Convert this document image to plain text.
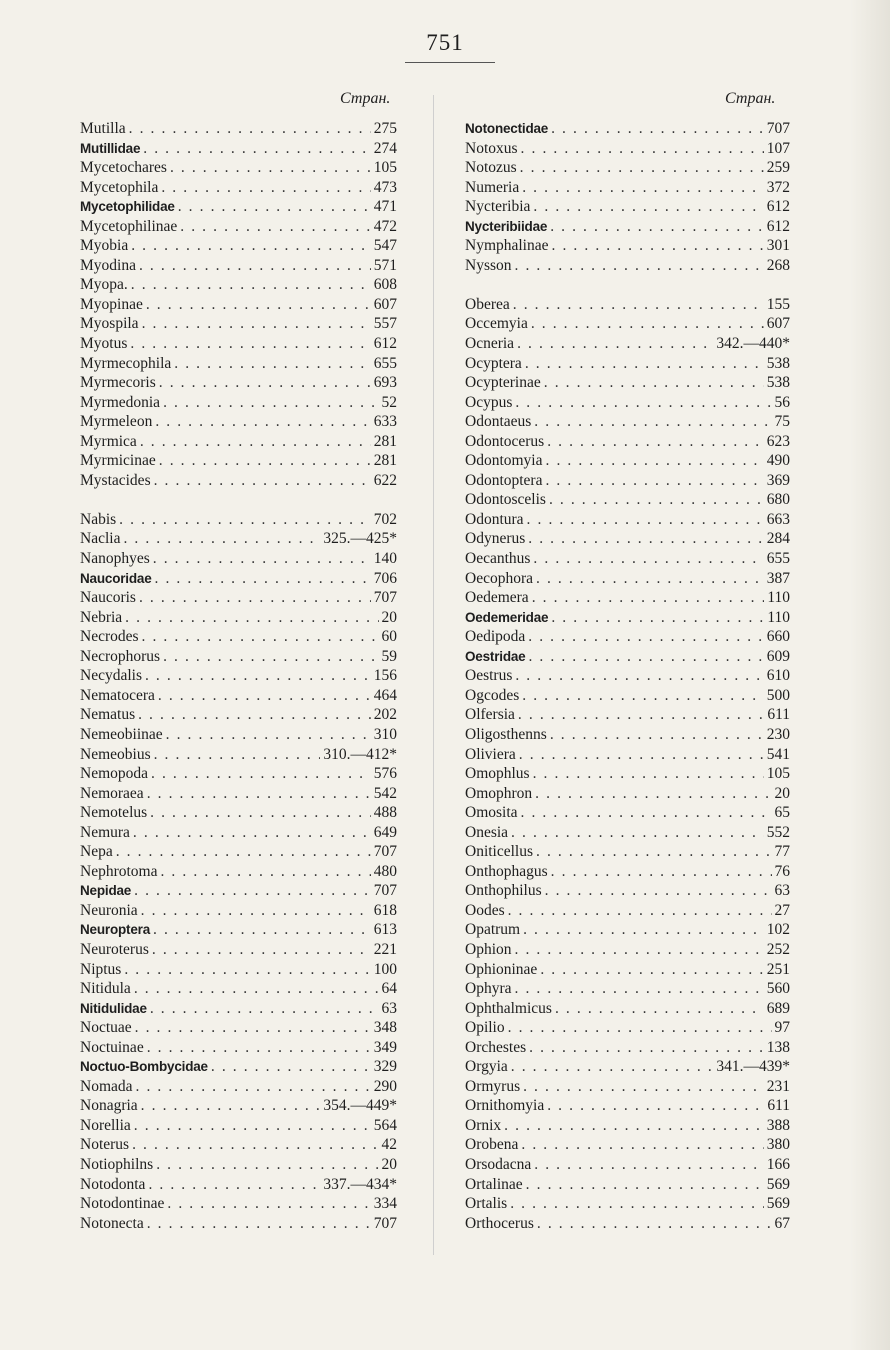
751
Стран.	Стран.
Mutilla . . .	275
Mutillidae . . .	274
Mycetochares . . .	105
Mycetophila . . .	473
Mycetophilidae . . .	471
Mycetophilinae . . .	472
Myobia . . .	547
Myodina . . .	571
Myopa. . . .	608
Myopinae . . .	607
Myospila . . .	557
Myotus . . .	612
Myrmecophila . . .	655
Myrmecoris . . .	693
Myrmedonia . . .	52
Myrmeleon . . .	633
Myrmica . . .	281
Myrmicinae . . .	281
Mystacides . . .	622
Nabis . . .	702
Naclia . . .	325.—425*
Nanophyes . . .	140
Naucoridae . . .	706
Naucoris . . .	707
Nebria . . .	20
Necrodes . . .	60
Necrophorus . . .	59
Necydalis . . .	156
Nematocera . . .	464
Nematus . . .	202
Nemeobiinae . . .	310
Nemeobius . . .	310.—412*
Nemopoda . . .	576
Nemoraea . . .	542
Nemotelus . . .	488
Nemura . . .	649
Nepa . . .	707
Nephrotoma . . .	480
Nepidae . . .	707
Neuronia . . .	618
Neuroptera . . .	613
Neuroterus . . .	221
Niptus . . .	100
Nitidula . . .	64
Nitidulidae . . .	63
Noctuae . . .	348
Noctuinae . . .	349
Noctuo-Bombycidae . . .	329
Nomada . . .	290
Nonagria . . .	354.—449*
Norellia . . .	564
Noterus . . .	42
Notiophilns . . .	20
Notodonta . . .	337.—434*
Notodontinae . . .	334
Notonecta . . .	707
Notonectidae . . .	707
Notoxus . . .	107
Notozus . . .	259
Numeria . . .	372
Nycteribia . . .	612
Nycteribiidae . . .	612
Nymphalinae . . .	301
Nysson . . .	268
Oberea . . .	155
Occemyia . . .	607
Ocneria . . .	342.—440*
Ocyptera . . .	538
Ocypterinae . . .	538
Ocypus . . .	56
Odontaeus . . .	75
Odontocerus . . .	623
Odontomyia . . .	490
Odontoptera . . .	369
Odontoscelis . . .	680
Odontura . . .	663
Odynerus . . .	284
Oecanthus . . .	655
Oecophora . . .	387
Oedemera . . .	110
Oedemeridae . . .	110
Oedipoda . . .	660
Oestridae . . .	609
Oestrus . . .	610
Ogcodes . . .	500
Olfersia . . .	611
Oligosthenns . . .	230
Oliviera . . .	541
Omophlus . . .	105
Omophron . . .	20
Omosita . . .	65
Onesia . . .	552
Oniticellus . . .	77
Onthophagus . . .	76
Onthophilus . . .	63
Oodes . . .	27
Opatrum . . .	102
Ophion . . .	252
Ophioninae . . .	251
Ophyra . . .	560
Ophthalmicus . . .	689
Opilio . . .	97
Orchestes . . .	138
Orgyia . . .	341.—439*
Ormyrus . . .	231
Ornithomyia . . .	611
Ornix . . .	388
Orobena . . .	380
Orsodacna . . .	166
Ortalinae . . .	569
Ortalis . . .	569
Orthocerus . . .	67
